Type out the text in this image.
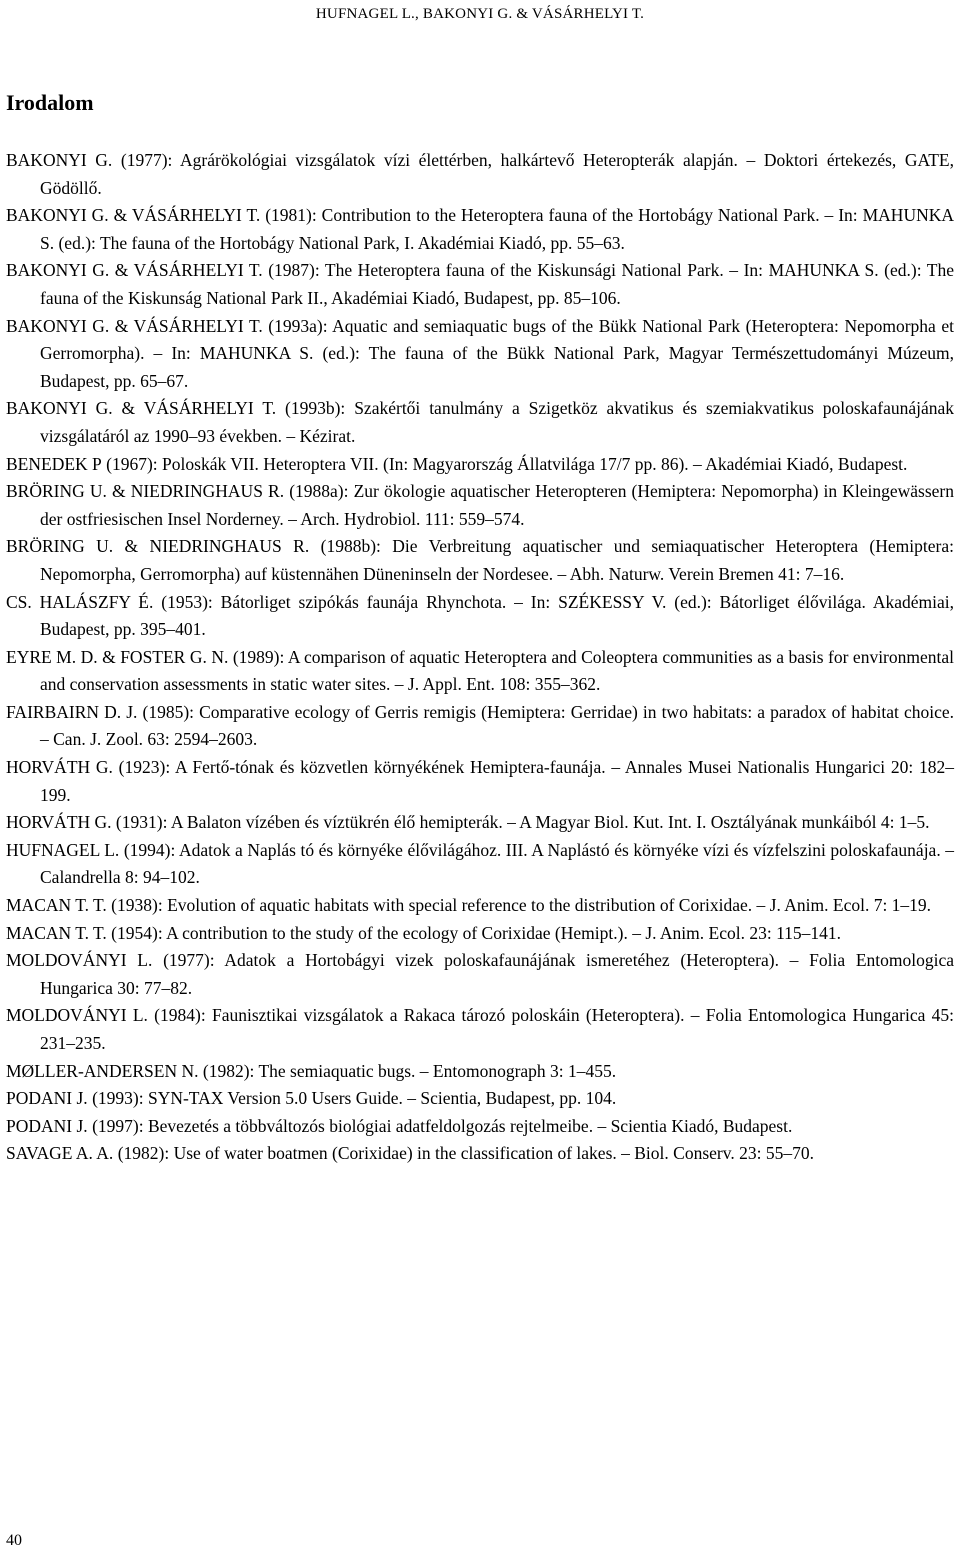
HUFNAGEL L., BAKONYI G. & VÁSÁRHELYI T.
Irodalom
BAKONYI G. (1977): Agrárökológiai vizsgálatok vízi élettérben, halkártevő Heteropterák alapján. – Doktori értekezés, GATE, Gödöllő.
BAKONYI G. & VÁSÁRHELYI T. (1981): Contribution to the Heteroptera fauna of the Hortobágy National Park. – In: MAHUNKA S. (ed.): The fauna of the Hortobágy National Park, I. Akadémiai Kiadó, pp. 55–63.
BAKONYI G. & VÁSÁRHELYI T. (1987): The Heteroptera fauna of the Kiskunsági National Park. – In: MAHUNKA S. (ed.): The fauna of the Kiskunság National Park II., Akadémiai Kiadó, Budapest, pp. 85–106.
BAKONYI G. & VÁSÁRHELYI T. (1993a): Aquatic and semiaquatic bugs of the Bükk National Park (Heteroptera: Nepomorpha et Gerromorpha). – In: MAHUNKA S. (ed.): The fauna of the Bükk National Park, Magyar Természettudományi Múzeum, Budapest, pp. 65–67.
BAKONYI G. & VÁSÁRHELYI T. (1993b): Szakértői tanulmány a Szigetköz akvatikus és szemiakvatikus poloskafaunájának vizsgálatáról az 1990–93 években. – Kézirat.
BENEDEK P (1967): Poloskák VII. Heteroptera VII. (In: Magyarország Állatvilága 17/7 pp. 86). – Akadémiai Kiadó, Budapest.
BRÖRING U. & NIEDRINGHAUS R. (1988a): Zur ökologie aquatischer Heteropteren (Hemiptera: Nepomorpha) in Kleingewässern der ostfriesischen Insel Norderney. – Arch. Hydrobiol. 111: 559–574.
BRÖRING U. & NIEDRINGHAUS R. (1988b): Die Verbreitung aquatischer und semiaquatischer Heteroptera (Hemiptera: Nepomorpha, Gerromorpha) auf küstennähen Düneninseln der Nordesee. – Abh. Naturw. Verein Bremen 41: 7–16.
CS. HALÁSZFY É. (1953): Bátorliget szipókás faunája Rhynchota. – In: SZÉKESSY V. (ed.): Bátorliget élővilága. Akadémiai, Budapest, pp. 395–401.
EYRE M. D. & FOSTER G. N. (1989): A comparison of aquatic Heteroptera and Coleoptera communities as a basis for environmental and conservation assessments in static water sites. – J. Appl. Ent. 108: 355–362.
FAIRBAIRN D. J. (1985): Comparative ecology of Gerris remigis (Hemiptera: Gerridae) in two habitats: a paradox of habitat choice. – Can. J. Zool. 63: 2594–2603.
HORVÁTH G. (1923): A Fertő-tónak és közvetlen környékének Hemiptera-faunája. – Annales Musei Nationalis Hungarici 20: 182–199.
HORVÁTH G. (1931): A Balaton vízében és víztükrén élő hemipterák. – A Magyar Biol. Kut. Int. I. Osztályának munkáiból 4: 1–5.
HUFNAGEL L. (1994): Adatok a Naplás tó és környéke élővilágához. III. A Naplástó és környéke vízi és vízfelszini poloskafaunája. – Calandrella 8: 94–102.
MACAN T. T. (1938): Evolution of aquatic habitats with special reference to the distribution of Corixidae. – J. Anim. Ecol. 7: 1–19.
MACAN T. T. (1954): A contribution to the study of the ecology of Corixidae (Hemipt.). – J. Anim. Ecol. 23: 115–141.
MOLDOVÁNYI L. (1977): Adatok a Hortobágyi vizek poloskafaunájának ismeretéhez (Heteroptera). – Folia Entomologica Hungarica 30: 77–82.
MOLDOVÁNYI L. (1984): Faunisztikai vizsgálatok a Rakaca tározó poloskáin (Heteroptera). – Folia Entomologica Hungarica 45: 231–235.
MØLLER-ANDERSEN N. (1982): The semiaquatic bugs. – Entomonograph 3: 1–455.
PODANI J. (1993): SYN-TAX Version 5.0 Users Guide. – Scientia, Budapest, pp. 104.
PODANI J. (1997): Bevezetés a többváltozós biológiai adatfeldolgozás rejtelmeibe. – Scientia Kiadó, Budapest.
SAVAGE A. A. (1982): Use of water boatmen (Corixidae) in the classification of lakes. – Biol. Conserv. 23: 55–70.
40
